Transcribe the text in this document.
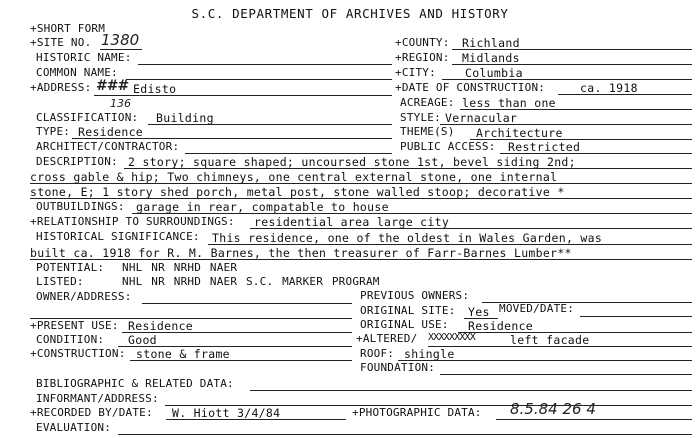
S.C. DEPARTMENT OF ARCHIVES AND HISTORY
+SHORT FORM
+SITE NO. 1380
HISTORIC NAME:
COMMON NAME:
+ADDRESS: ### Edisto
136
CLASSIFICATION: Building
TYPE: Residence
ARCHITECT/CONTRACTOR:
+COUNTY: Richland
+REGION: Midlands
+CITY:	Columbia
+DATE OF CONSTRUCTION:	ca. 1918
ACREAGE: less than one
STYLE: Vernacular
THEME(S) Architecture
PUBLIC ACCESS: Restricted
DESCRIPTION: 2 story; square shaped; uncoursed stone 1st, bevel siding 2nd;
cross gable & hip; Two chimneys, one central external stone, one internal
stone, E; 1 story shed porch, metal post, stone walled stoop; decorative *
OUTBUILDINGS: garage in rear, compatable to house
+RELATIONSHIP TO SURROUNDINGS: residential area large city
HISTORICAL SIGNIFICANCE: This residence, one of the oldest in Wales Garden, was
built ca. 1918 for R. M. Barnes, the then treasurer of Farr-Barnes Lumber**
POTENTIAL: NHL NR NRHD NAER
LISTED:	NHL NR NRHD NAER S.C. MARKER PROGRAM
OWNER/ADDRESS:	PREVIOUS OWNERS:
ORIGINAL SITE: Yes MOVED/DATE:
+PRESENT USE: Residence	ORIGINAL USE: Residence
CONDITION: Good	+ALTERED/ XXXXXXXXX	left facade
+CONSTRUCTION: stone & frame	ROOF: shingle
FOUNDATION:
BIBLIOGRAPHIC & RELATED DATA:
INFORMANT/ADDRESS:
+RECORDED BY/DATE: W. Hiott 3/4/84	+PHOTOGRAPHIC DATA: 8.5.84 26 4
EVALUATION:
